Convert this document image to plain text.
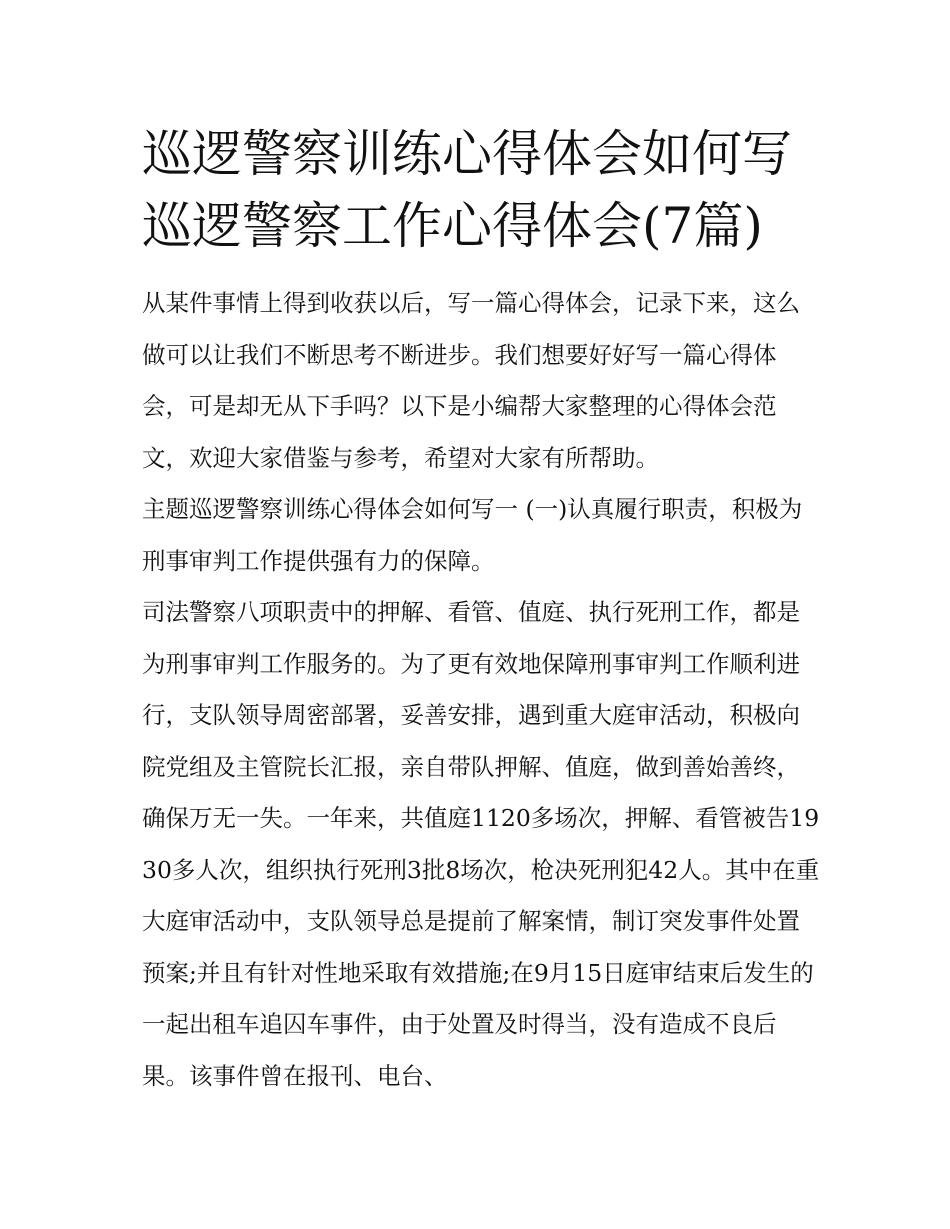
巡逻警察训练心得体会如何写巡逻警察工作心得体会(7篇)

从某件事情上得到收获以后，写一篇心得体会，记录下来，这么做可以让我们不断思考不断进步。我们想要好好写一篇心得体会，可是却无从下手吗？以下是小编帮大家整理的心得体会范文，欢迎大家借鉴与参考，希望对大家有所帮助。

主题巡逻警察训练心得体会如何写一 (一)认真履行职责，积极为刑事审判工作提供强有力的保障。

司法警察八项职责中的押解、看管、值庭、执行死刑工作，都是为刑事审判工作服务的。为了更有效地保障刑事审判工作顺利进行，支队领导周密部署，妥善安排，遇到重大庭审活动，积极向院党组及主管院长汇报，亲自带队押解、值庭，做到善始善终，确保万无一失。一年来，共值庭1120多场次，押解、看管被告1930多人次，组织执行死刑3批8场次，枪决死刑犯42人。其中在重大庭审活动中，支队领导总是提前了解案情，制订突发事件处置预案;并且有针对性地采取有效措施;在9月15日庭审结束后发生的一起出租车追囚车事件，由于处置及时得当，没有造成不良后果。该事件曾在报刊、电台、
